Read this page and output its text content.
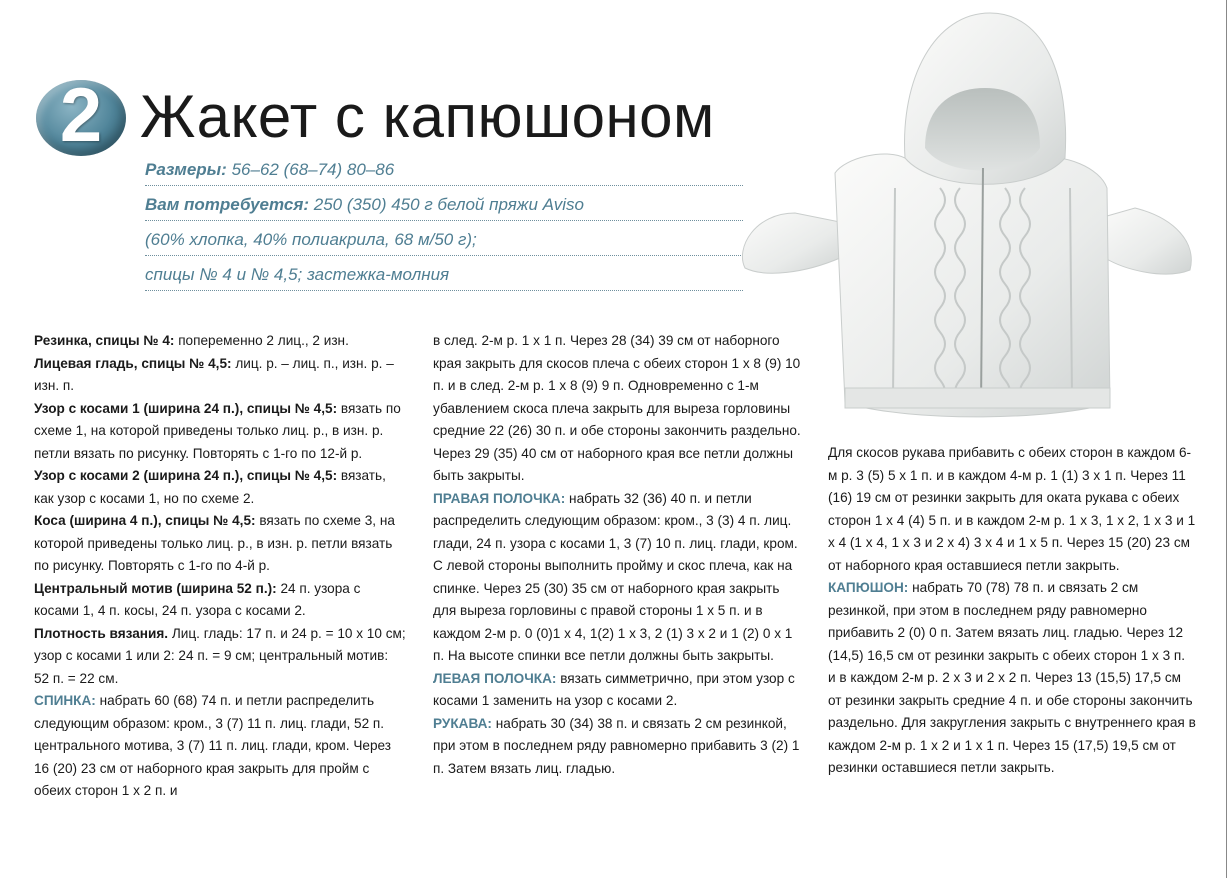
2 Жакет с капюшоном
Размеры: 56–62 (68–74) 80–86
Вам потребуется: 250 (350) 450 г белой пряжи Aviso
(60% хлопка, 40% полиакрила, 68 м/50 г);
спицы № 4 и № 4,5; застежка-молния

Резинка, спицы № 4: попеременно 2 лиц., 2 изн.

Лицевая гладь, спицы № 4,5: лиц. р. – лиц. п., изн. р. – изн. п.

Узор с косами 1 (ширина 24 п.), спицы № 4,5: вязать по схеме 1, на которой приведены только лиц. р., в изн. р. петли вязать по рисунку. Повторять с 1-го по 12-й р.

Узор с косами 2 (ширина 24 п.), спицы № 4,5: вязать, как узор с косами 1, но по схеме 2.

Коса (ширина 4 п.), спицы № 4,5: вязать по схеме 3, на которой приведены только лиц. р., в изн. р. петли вязать по рисунку. Повторять с 1-го по 4-й р.

Центральный мотив (ширина 52 п.): 24 п. узора с косами 1, 4 п. косы, 24 п. узора с косами 2.

Плотность вязания. Лиц. гладь: 17 п. и 24 р. = 10 x 10 см; узор с косами 1 или 2: 24 п. = 9 см; центральный мотив: 52 п. = 22 см.

СПИНКА: набрать 60 (68) 74 п. и петли распределить следующим образом: кром., 3 (7) 11 п. лиц. глади, 52 п. центрального мотива, 3 (7) 11 п. лиц. глади, кром. Через 16 (20) 23 см от наборного края закрыть для пройм с обеих сторон 1 x 2 п. и

в след. 2-м р. 1 x 1 п. Через 28 (34) 39 см от наборного края закрыть для скосов плеча с обеих сторон 1 x 8 (9) 10 п. и в след. 2-м р. 1 x 8 (9) 9 п. Одновременно с 1-м убавлением скоса плеча закрыть для выреза горловины средние 22 (26) 30 п. и обе стороны закончить раздельно. Через 29 (35) 40 см от наборного края все петли должны быть закрыты.

ПРАВАЯ ПОЛОЧКА: набрать 32 (36) 40 п. и петли распределить следующим образом: кром., 3 (3) 4 п. лиц. глади, 24 п. узора с косами 1, 3 (7) 10 п. лиц. глади, кром. С левой стороны выполнить пройму и скос плеча, как на спинке. Через 25 (30) 35 см от наборного края закрыть для выреза горловины с правой стороны 1 x 5 п. и в каждом 2-м р. 0 (0)1 x 4, 1(2) 1 x 3, 2 (1) 3 x 2 и 1 (2) 0 x 1 п. На высоте спинки все петли должны быть закрыты.

ЛЕВАЯ ПОЛОЧКА: вязать симметрично, при этом узор с косами 1 заменить на узор с косами 2.

РУКАВА: набрать 30 (34) 38 п. и связать 2 см резинкой, при этом в последнем ряду равномерно прибавить 3 (2) 1 п. Затем вязать лиц. гладью.

Для скосов рукава прибавить с обеих сторон в каждом 6-м р. 3 (5) 5 x 1 п. и в каждом 4-м р. 1 (1) 3 x 1 п. Через 11 (16) 19 см от резинки закрыть для оката рукава с обеих сторон 1 x 4 (4) 5 п. и в каждом 2-м р. 1 x 3, 1 x 2, 1 x 3 и 1 x 4 (1 x 4, 1 x 3 и 2 x 4) 3 x 4 и 1 x 5 п. Через 15 (20) 23 см от наборного края оставшиеся петли закрыть.

КАПЮШОН: набрать 70 (78) 78 п. и связать 2 см резинкой, при этом в последнем ряду равномерно прибавить 2 (0) 0 п. Затем вязать лиц. гладью. Через 12 (14,5) 16,5 см от резинки закрыть с обеих сторон 1 x 3 п. и в каждом 2-м р. 2 x 3 и 2 x 2 п. Через 13 (15,5) 17,5 см от резинки закрыть средние 4 п. и обе стороны закончить раздельно. Для закругления закрыть с внутреннего края в каждом 2-м р. 1 x 2 и 1 x 1 п. Через 15 (17,5) 19,5 см от резинки оставшиеся петли закрыть.
